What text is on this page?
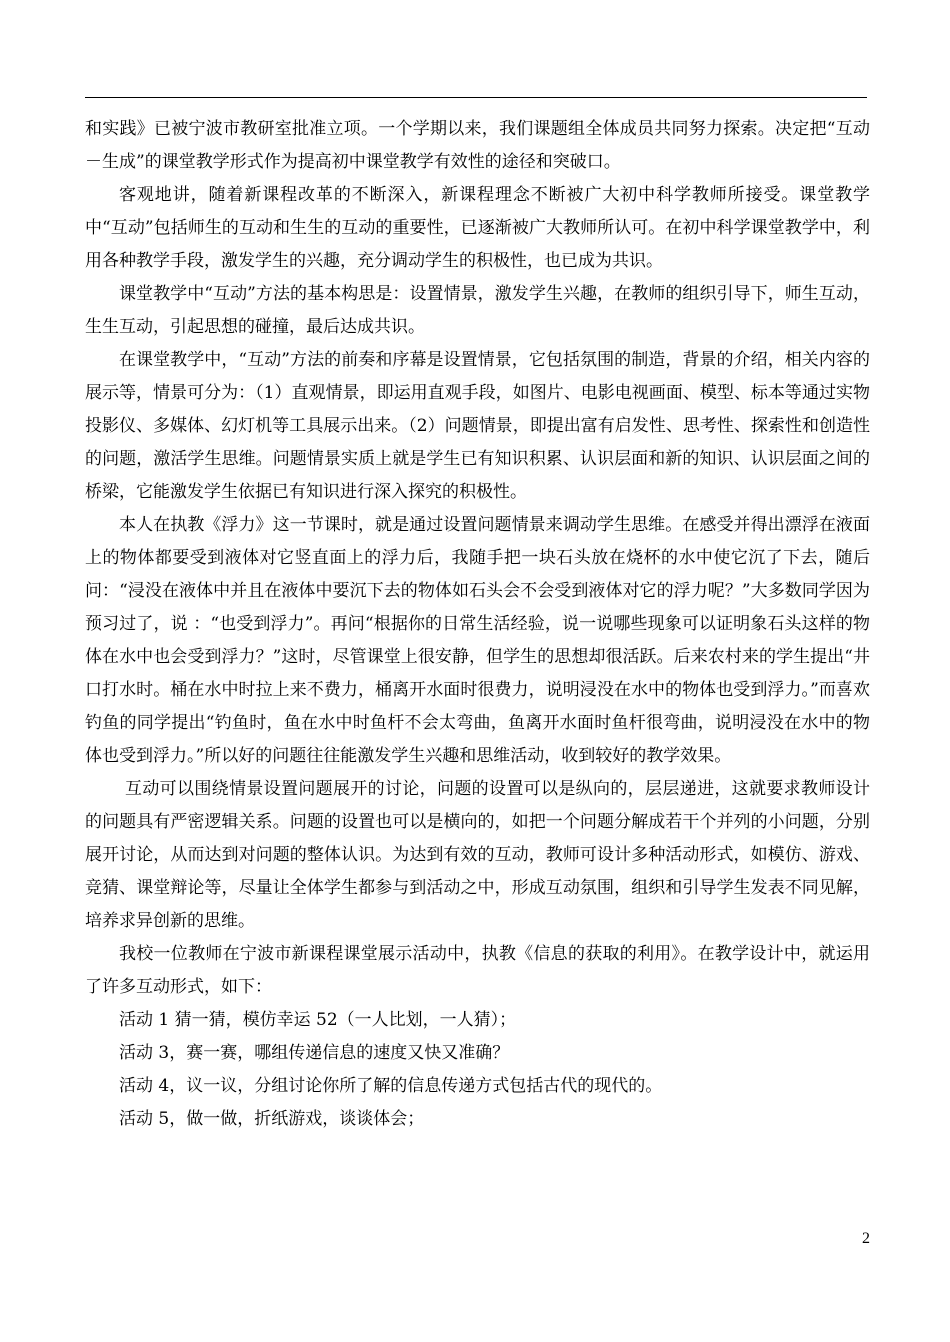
和实践》已被宁波市教研室批准立项。一个学期以来，我们课题组全体成员共同努力探索。决定把“互动－生成”的课堂教学形式作为提高初中课堂教学有效性的途径和突破口。

客观地讲，随着新课程改革的不断深入，新课程理念不断被广大初中科学教师所接受。课堂教学中“互动”包括师生的互动和生生的互动的重要性，已逐渐被广大教师所认可。在初中科学课堂教学中，利用各种教学手段，激发学生的兴趣，充分调动学生的积极性，也已成为共识。

课堂教学中“互动”方法的基本构思是：设置情景，激发学生兴趣，在教师的组织引导下，师生互动，生生互动，引起思想的碰撞，最后达成共识。

在课堂教学中，“互动”方法的前奏和序幕是设置情景，它包括氛围的制造，背景的介绍，相关内容的展示等，情景可分为：（1）直观情景，即运用直观手段，如图片、电影电视画面、模型、标本等通过实物投影仪、多媒体、幻灯机等工具展示出来。（2）问题情景，即提出富有启发性、思考性、探索性和创造性的问题，激活学生思维。问题情景实质上就是学生已有知识积累、认识层面和新的知识、认识层面之间的桥梁，它能激发学生依据已有知识进行深入探究的积极性。

本人在执教《浮力》这一节课时，就是通过设置问题情景来调动学生思维。在感受并得出漂浮在液面上的物体都要受到液体对它竖直面上的浮力后，我随手把一块石头放在烧杯的水中使它沉了下去，随后问：“浸没在液体中并且在液体中要沉下去的物体如石头会不会受到液体对它的浮力呢？”大多数同学因为预习过了，说 ：“也受到浮力”。再问“根据你的日常生活经验，说一说哪些现象可以证明象石头这样的物体在水中也会受到浮力？”这时，尽管课堂上很安静，但学生的思想却很活跃。后来农村来的学生提出“井口打水时。桶在水中时拉上来不费力，桶离开水面时很费力，说明浸没在水中的物体也受到浮力。”而喜欢钓鱼的同学提出“钓鱼时，鱼在水中时鱼杆不会太弯曲，鱼离开水面时鱼杆很弯曲，说明浸没在水中的物体也受到浮力。”所以好的问题往往能激发学生兴趣和思维活动，收到较好的教学效果。

互动可以围绕情景设置问题展开的讨论，问题的设置可以是纵向的，层层递进，这就要求教师设计的问题具有严密逻辑关系。问题的设置也可以是横向的，如把一个问题分解成若干个并列的小问题，分别展开讨论，从而达到对问题的整体认识。为达到有效的互动，教师可设计多种活动形式，如模仿、游戏、竞猜、课堂辩论等，尽量让全体学生都参与到活动之中，形成互动氛围，组织和引导学生发表不同见解，培养求异创新的思维。

我校一位教师在宁波市新课程课堂展示活动中，执教《信息的获取的利用》。在教学设计中，就运用了许多互动形式，如下：

活动 1 猜一猜，模仿幸运 52（一人比划，一人猜）；

活动 3，赛一赛，哪组传递信息的速度又快又准确？

活动 4，议一议，分组讨论你所了解的信息传递方式包括古代的现代的。

活动 5，做一做，折纸游戏，谈谈体会；

2
